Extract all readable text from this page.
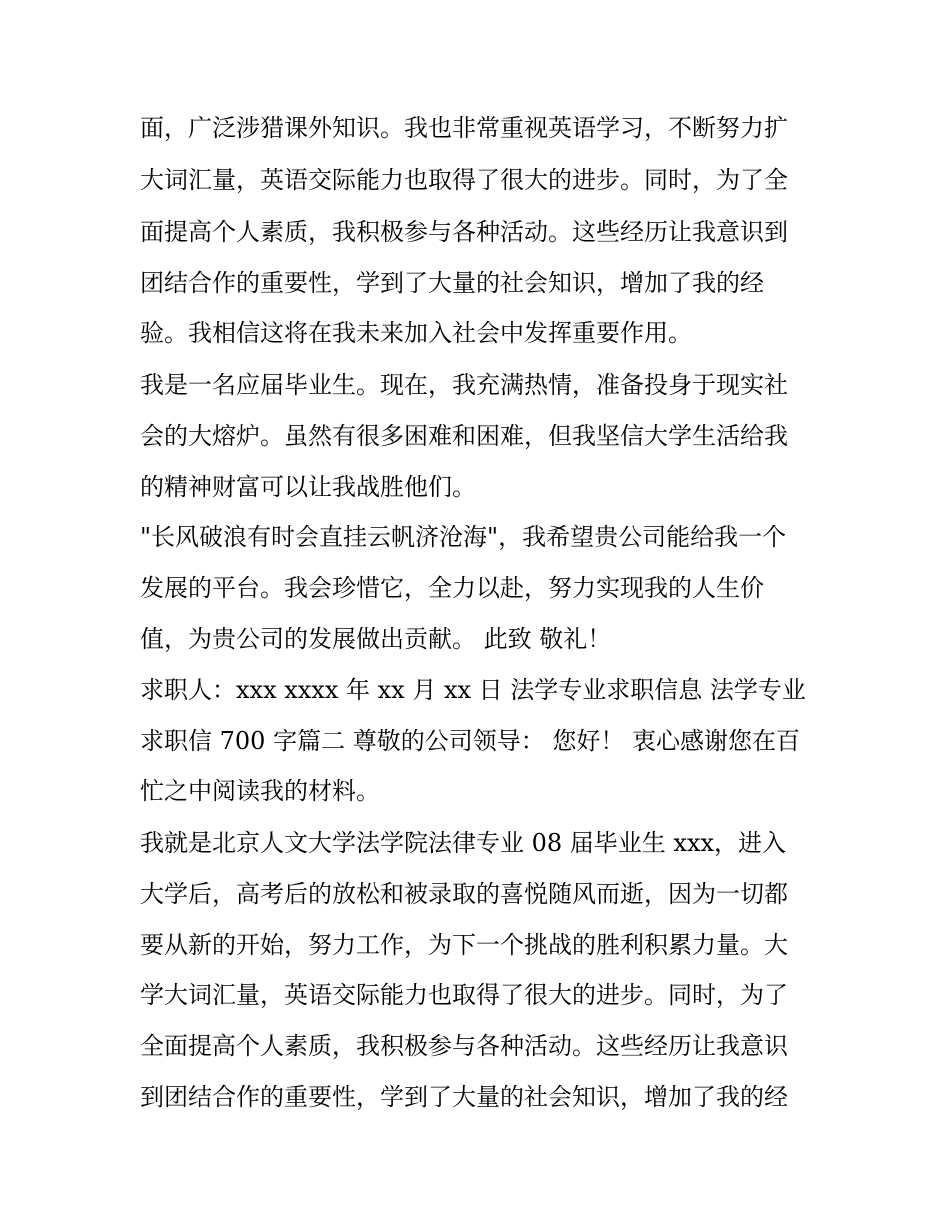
面，广泛涉猎课外知识。我也非常重视英语学习，不断努力扩

大词汇量，英语交际能力也取得了很大的进步。同时，为了全

面提高个人素质，我积极参与各种活动。这些经历让我意识到

团结合作的重要性，学到了大量的社会知识，增加了我的经

验。我相信这将在我未来加入社会中发挥重要作用。

我是一名应届毕业生。现在，我充满热情，准备投身于现实社

会的大熔炉。虽然有很多困难和困难，但我坚信大学生活给我

的精神财富可以让我战胜他们。

"长风破浪有时会直挂云帆济沧海"，我希望贵公司能给我一个

发展的平台。我会珍惜它，全力以赴，努力实现我的人生价

值，为贵公司的发展做出贡献。 此致 敬礼！

求职人：xxx xxxx 年 xx 月 xx 日 法学专业求职信息 法学专业

求职信 700 字篇二 尊敬的公司领导： 您好！ 衷心感谢您在百

忙之中阅读我的材料。

我就是北京人文大学法学院法律专业 08 届毕业生 xxx，进入

大学后，高考后的放松和被录取的喜悦随风而逝，因为一切都

要从新的开始，努力工作，为下一个挑战的胜利积累力量。大

学大词汇量，英语交际能力也取得了很大的进步。同时，为了

全面提高个人素质，我积极参与各种活动。这些经历让我意识

到团结合作的重要性，学到了大量的社会知识，增加了我的经
